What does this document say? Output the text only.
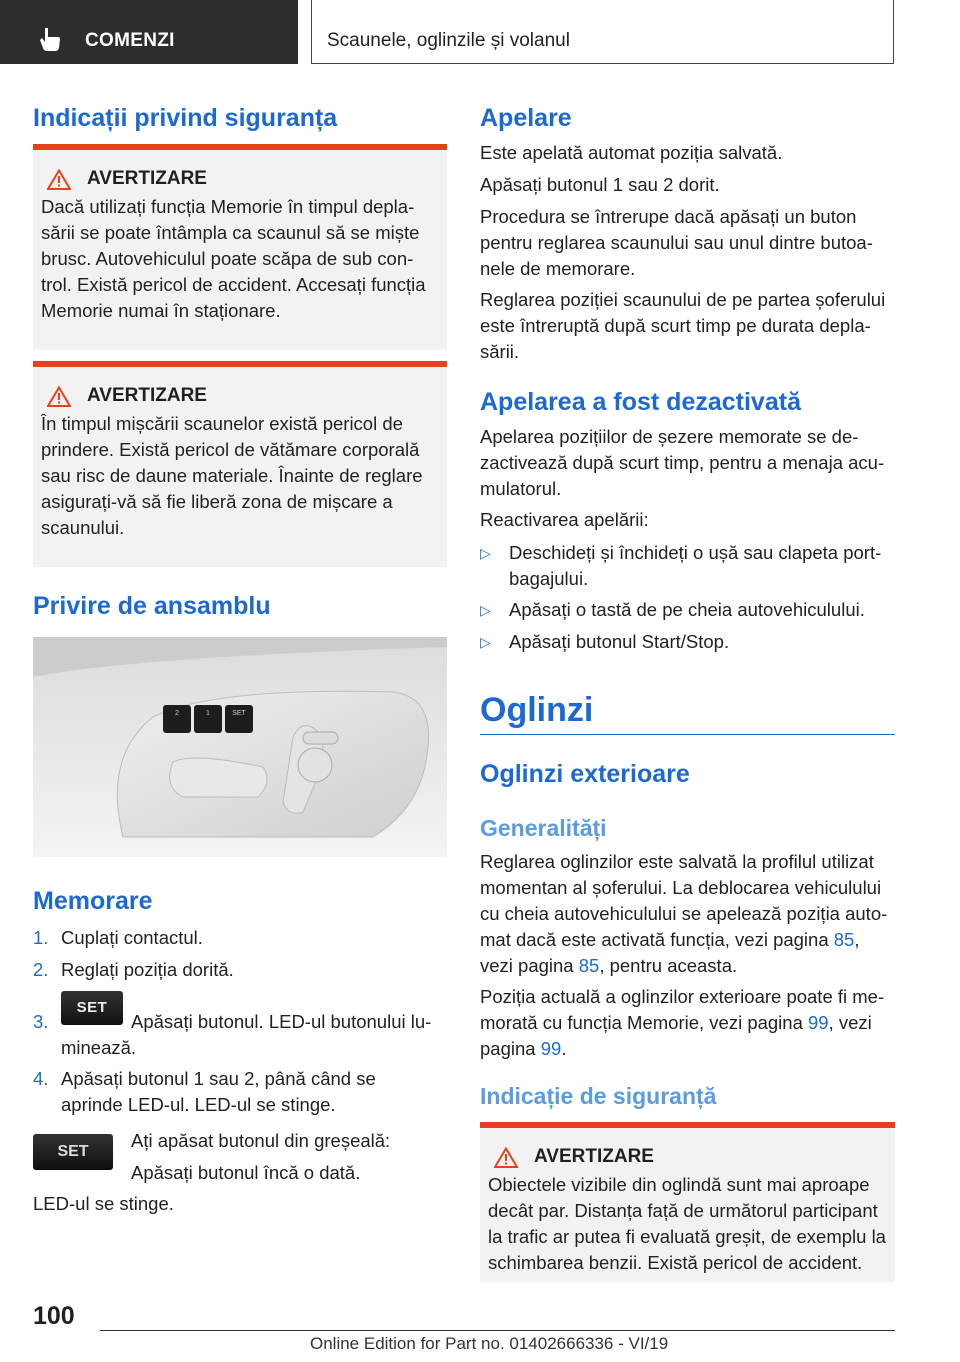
COMENZI	Scaunele, oglinzile și volanul
Indicații privind siguranța
AVERTIZARE

Dacă utilizați funcția Memorie în timpul depla-
sării se poate întâmpla ca scaunul să se miște
brusc. Autovehiculul poate scăpa de sub con-
trol. Există pericol de accident. Accesați funcția
Memorie numai în staționare.

AVERTIZARE

În timpul mișcării scaunelor există pericol de
prindere. Există pericol de vătămare corporală
sau risc de daune materiale. Înainte de reglare
asigurați-vă să fie liberă zona de mișcare a
scaunului.

Privire de ansamblu
2	1	SET
Memorare
1. Cuplați contactul.
2. Reglați poziția dorită.
3.
SET
Apăsați butonul. LED-ul butonului lu-
minează.
4. Apăsați butonul 1 sau 2, până când se
aprinde LED-ul. LED-ul se stinge.
SET

Ați apăsat butonul din greșeală:

Apăsați butonul încă o dată.

LED-ul se stinge.

Apelare

Este apelată automat poziția salvată.

Apăsați butonul 1 sau 2 dorit.

Procedura se întrerupe dacă apăsați un buton
pentru reglarea scaunului sau unul dintre butoa-
nele de memorare.

Reglarea poziției scaunului de pe partea șoferului
este întreruptă după scurt timp pe durata depla-
sării.

Apelarea a fost dezactivată

Apelarea pozițiilor de șezere memorate se de-
zactivează după scurt timp, pentru a menaja acu-
mulatorul.

Reactivarea apelării:

▷ Deschideți și închideți o ușă sau clapeta port-
bagajului.
▷ Apăsați o tastă de pe cheia autovehiculului.
▷ Apăsați butonul Start/Stop.
Oglinzi
Oglinzi exterioare
Generalități

Reglarea oglinzilor este salvată la profilul utilizat
momentan al șoferului. La deblocarea vehiculului
cu cheia autovehiculului se apelează poziția auto-
mat dacă este activată funcția, vezi pagina 85,
vezi pagina 85, pentru aceasta.

Poziția actuală a oglinzilor exterioare poate fi me-
morată cu funcția Memorie, vezi pagina 99, vezi
pagina 99.

Indicație de siguranță
AVERTIZARE

Obiectele vizibile din oglindă sunt mai aproape
decât par. Distanța față de următorul participant
la trafic ar putea fi evaluată greșit, de exemplu la
schimbarea benzii. Există pericol de accident.

100
Online Edition for Part no. 01402666336 - VI/19
